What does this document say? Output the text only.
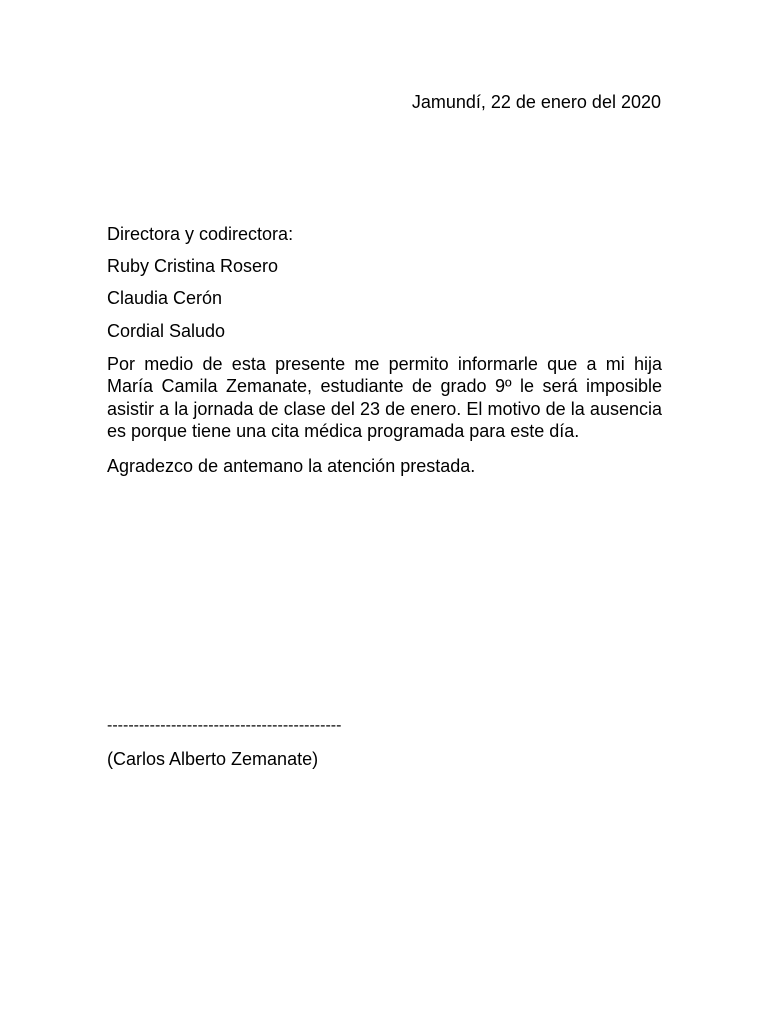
Jamundí, 22 de enero del 2020

Directora y codirectora:

Ruby Cristina Rosero

Claudia Cerón

Cordial Saludo

Por medio de esta presente me permito informarle que a mi hija María Camila Zemanate, estudiante de grado 9º le será imposible asistir a la jornada de clase del 23 de enero. El motivo de la ausencia es porque tiene una cita médica programada para este día.

Agradezco de antemano la atención prestada.

--------------------------------------------

(Carlos Alberto Zemanate)
